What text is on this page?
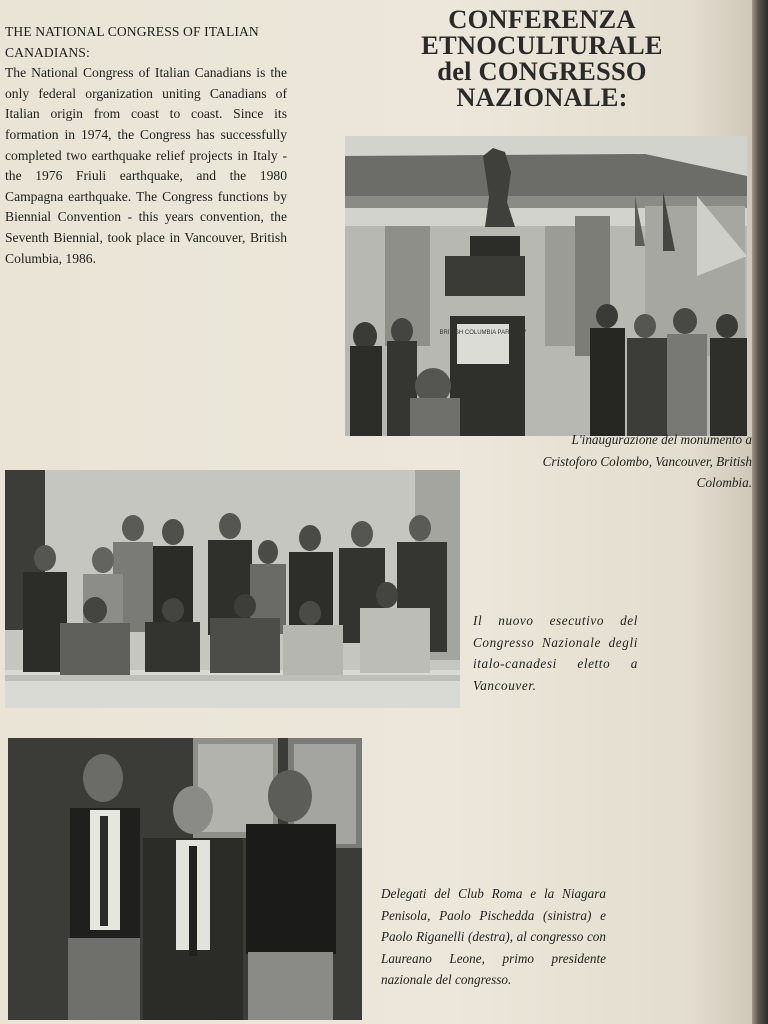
THE NATIONAL CONGRESS OF ITALIAN CANADIANS:

The National Congress of Italian Canadians is the only federal organization uniting Canadians of Italian origin from coast to coast. Since its formation in 1974, the Congress has successfully completed two earthquake relief projects in Italy - the 1976 Friuli earthquake, and the 1980 Campagna earthquake. The Congress functions by Biennial Convention - this years convention, the Seventh Biennial, took place in Vancouver, British Columbia, 1986.

CONFERENZA
ETNOCULTURALE
del CONGRESSO
NAZIONALE:
BRITISH COLUMBIA PARKWAY

L'inaugurazione del monumento a Cristoforo Colombo, Vancouver, British Colombia.

Il nuovo esecutivo del Congresso Nazionale degli italo-canadesi eletto a Vancouver.

Delegati del Club Roma e la Niagara Penisola, Paolo Pischedda (sinistra) e Paolo Riganelli (destra), al congresso con Laureano Leone, primo presidente nazionale del congresso.
